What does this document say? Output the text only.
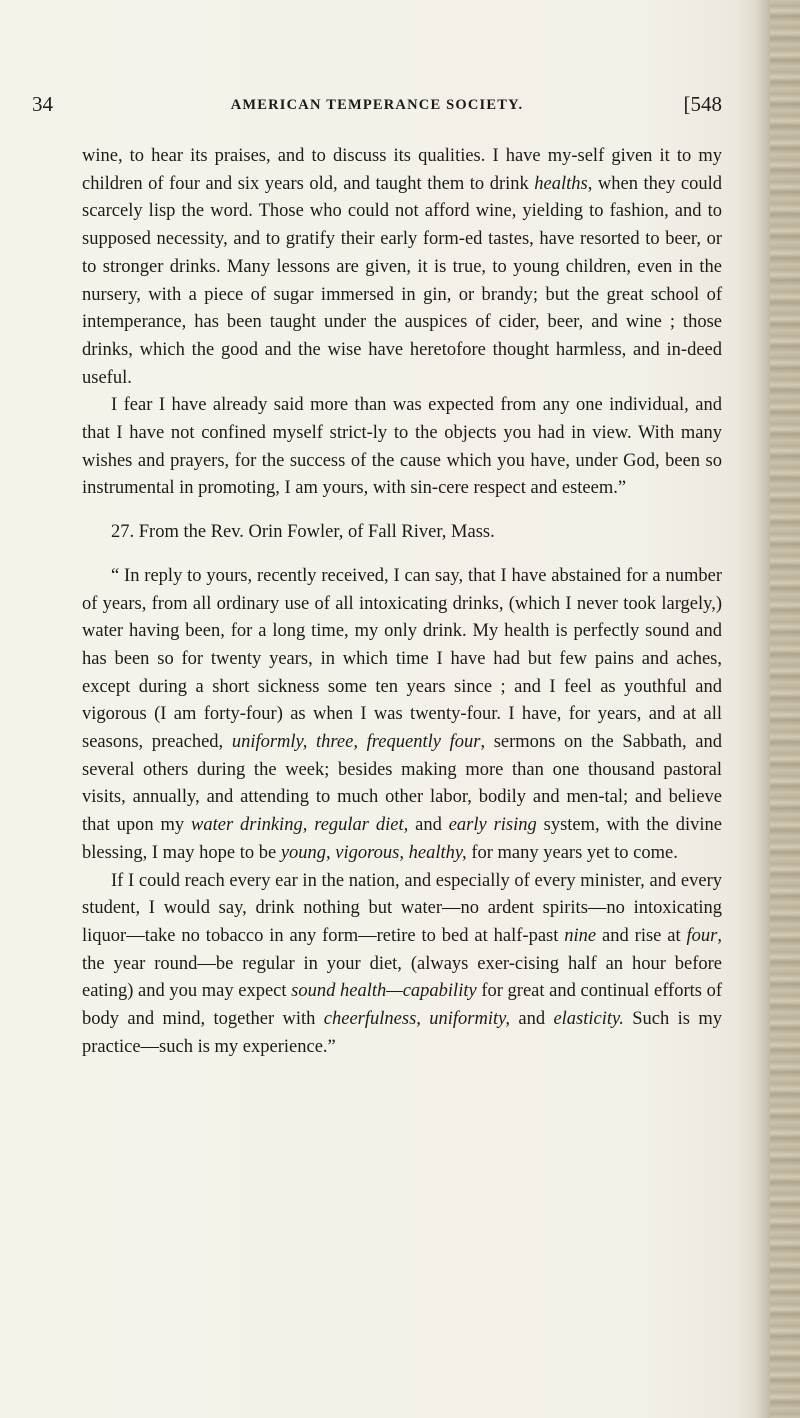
34	AMERICAN TEMPERANCE SOCIETY.	[548

wine, to hear its praises, and to discuss its qualities. I have my-self given it to my children of four and six years old, and taught them to drink healths, when they could scarcely lisp the word. Those who could not afford wine, yielding to fashion, and to supposed necessity, and to gratify their early form-ed tastes, have resorted to beer, or to stronger drinks. Many lessons are given, it is true, to young children, even in the nursery, with a piece of sugar immersed in gin, or brandy; but the great school of intemperance, has been taught under the auspices of cider, beer, and wine ; those drinks, which the good and the wise have heretofore thought harmless, and in-deed useful.

I fear I have already said more than was expected from any one individual, and that I have not confined myself strict-ly to the objects you had in view. With many wishes and prayers, for the success of the cause which you have, under God, been so instrumental in promoting, I am yours, with sin-cere respect and esteem.”

27. From the Rev. Orin Fowler, of Fall River, Mass.

“ In reply to yours, recently received, I can say, that I have abstained for a number of years, from all ordinary use of all intoxicating drinks, (which I never took largely,) water having been, for a long time, my only drink. My health is perfectly sound and has been so for twenty years, in which time I have had but few pains and aches, except during a short sickness some ten years since ; and I feel as youthful and vigorous (I am forty-four) as when I was twenty-four. I have, for years, and at all seasons, preached, uniformly, three, frequently four, sermons on the Sabbath, and several others during the week; besides making more than one thousand pastoral visits, annually, and attending to much other labor, bodily and men-tal; and believe that upon my water drinking, regular diet, and early rising system, with the divine blessing, I may hope to be young, vigorous, healthy, for many years yet to come.

If I could reach every ear in the nation, and especially of every minister, and every student, I would say, drink nothing but water—no ardent spirits—no intoxicating liquor—take no tobacco in any form—retire to bed at half-past nine and rise at four, the year round—be regular in your diet, (always exer-cising half an hour before eating) and you may expect sound health—capability for great and continual efforts of body and mind, together with cheerfulness, uniformity, and elasticity. Such is my practice—such is my experience.”
